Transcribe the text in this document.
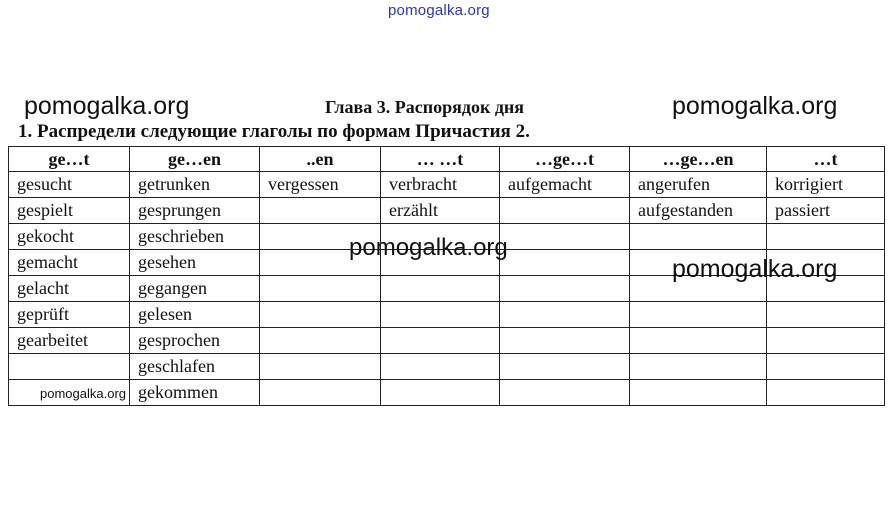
pomogalka.org
pomogalka.org	pomogalka.org
Глава 3. Распорядок дня
1. Распредели следующие глаголы по формам Причастия 2.
ge…t	ge…en	..en	… …t	…ge…t	…ge…en	…t
gesucht	getrunken	vergessen	verbracht	aufgemacht	angerufen	korrigiert
gespielt	gesprungen		erzählt		aufgestanden	passiert
gekocht	geschrieben					
gemacht	gesehen					
gelacht	gegangen					
geprüft	gelesen					
gearbeitet	gesprochen					
	geschlafen					
	gekommen					
pomogalka.org
pomogalka.org
pomogalka.org
